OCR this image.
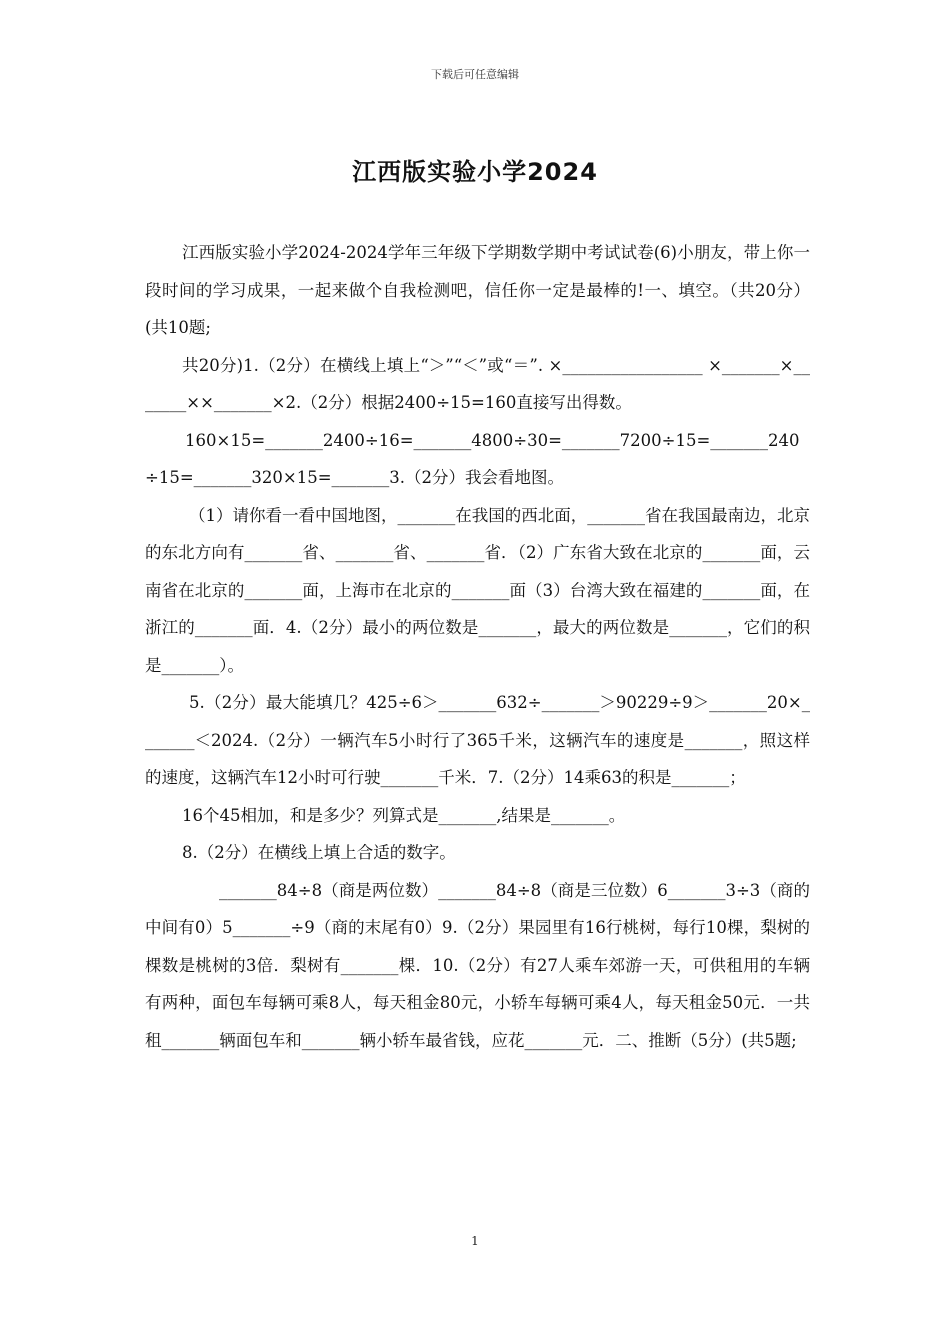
下载后可任意编辑
江西版实验小学2024

江西版实验小学2024-2024学年三年级下学期数学期中考试试卷(6)小朋友，带上你一段时间的学习成果，一起来做个自我检测吧，信任你一定是最棒的!一、填空。（共20分）(共10题;

共20分)1.（2分）在横线上填上“＞”“＜”或“＝”. ×_________________ ×_______×_______××_______×2.（2分）根据2400÷15=160直接写出得数。

160×15=_______2400÷16=_______4800÷30=_______7200÷15=_______240÷15=_______320×15=_______3.（2分）我会看地图。

（1）请你看一看中国地图，_______在我国的西北面，_______省在我国最南边，北京的东北方向有_______省、_______省、_______省．（2）广东省大致在北京的_______面，云南省在北京的_______面，上海市在北京的_______面（3）台湾大致在福建的_______面，在浙江的_______面．4.（2分）最小的两位数是_______，最大的两位数是_______，它们的积是_______）。

5.（2分）最大能填几？425÷6＞_______632÷_______＞90229÷9＞_______20×_______＜2024.（2分）一辆汽车5小时行了365千米，这辆汽车的速度是_______，照这样的速度，这辆汽车12小时可行驶_______千米．7.（2分）14乘63的积是_______；

16个45相加，和是多少？列算式是_______,结果是_______。

8.（2分）在横线上填上合适的数字。

_______84÷8（商是两位数）_______84÷8（商是三位数）6_______3÷3（商的中间有0）5_______÷9（商的末尾有0）9.（2分）果园里有16行桃树，每行10棵，梨树的棵数是桃树的3倍．梨树有_______棵．10.（2分）有27人乘车郊游一天，可供租用的车辆有两种，面包车每辆可乘8人，每天租金80元，小轿车每辆可乘4人，每天租金50元．一共租_______辆面包车和_______辆小轿车最省钱，应花_______元．二、推断（5分）(共5题;

1
